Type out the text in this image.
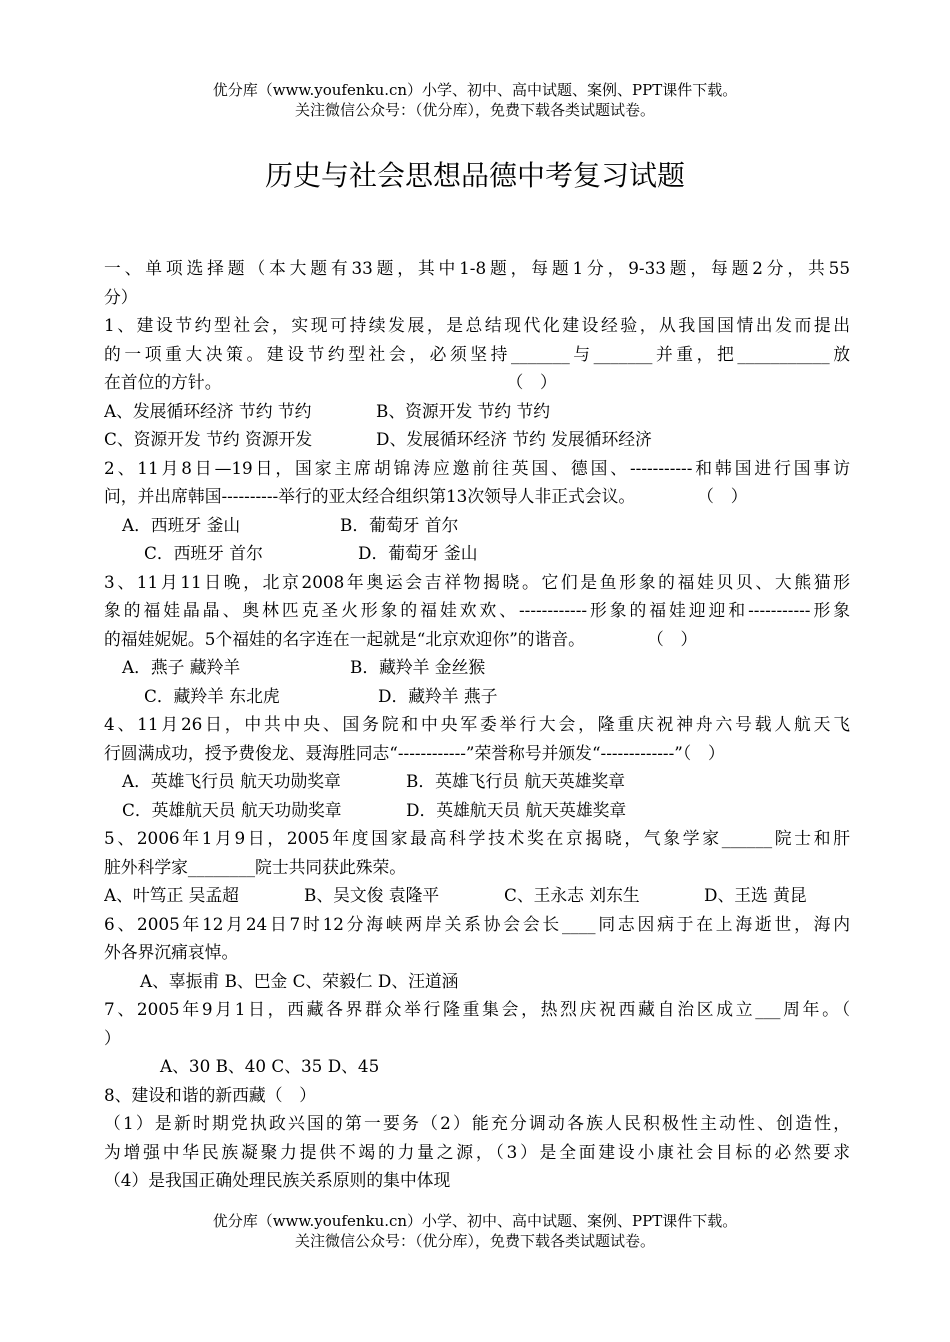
优分库（www.youfenku.cn）小学、初中、高中试题、案例、PPT课件下载。
关注微信公众号：（优分库），免费下载各类试题试卷。
历史与社会思想品德中考复习试题
一、单项选择题（本大题有33题，其中1-8题，每题1分，9-33题，每题2分，共55
分）
1、建设节约型社会，实现可持续发展，是总结现代化建设经验，从我国国情出发而提出
的一项重大决策。建设节约型社会，必须坚持_______与_______并重，把___________放
在首位的方针。	（　）
A、发展循环经济 节约 节约	B、资源开发 节约 节约
C、资源开发 节约 资源开发	D、发展循环经济 节约 发展循环经济
2、11月8日—19日，国家主席胡锦涛应邀前往英国、德国、-----------和韩国进行国事访
问，并出席韩国----------举行的亚太经合组织第13次领导人非正式会议。	（　）
A．西班牙 釜山	B．葡萄牙 首尔
C．西班牙 首尔	D．葡萄牙 釜山
3、11月11日晚，北京2008年奥运会吉祥物揭晓。它们是鱼形象的福娃贝贝、大熊猫形
象的福娃晶晶、奥林匹克圣火形象的福娃欢欢、------------形象的福娃迎迎和-----------形象
的福娃妮妮。5个福娃的名字连在一起就是“北京欢迎你”的谐音。	（　）
A．燕子 藏羚羊	B．藏羚羊 金丝猴
C．藏羚羊 东北虎	D．藏羚羊 燕子
4、11月26日，中共中央、国务院和中央军委举行大会，隆重庆祝神舟六号载人航天飞
行圆满成功，授予费俊龙、聂海胜同志“------------”荣誉称号并颁发“-------------”（　）
A．英雄飞行员 航天功勋奖章	B．英雄飞行员 航天英雄奖章
C．英雄航天员 航天功勋奖章	D．英雄航天员 航天英雄奖章
5、2006年1月9日，2005年度国家最高科学技术奖在京揭晓，气象学家______院士和肝
脏外科学家________院士共同获此殊荣。
A、叶笃正 吴孟超	B、吴文俊 袁隆平	C、王永志 刘东生	D、王选 黄昆
6、2005年12月24日7时12分海峡两岸关系协会会长____同志因病于在上海逝世，海内
外各界沉痛哀悼。
A、辜振甫 B、巴金 C、荣毅仁 D、汪道涵
7、2005年9月1日，西藏各界群众举行隆重集会，热烈庆祝西藏自治区成立___周年。（
）
A、30 B、40 C、35 D、45
8、建设和谐的新西藏（　）
（1）是新时期党执政兴国的第一要务（2）能充分调动各族人民积极性主动性、创造性，
为增强中华民族凝聚力提供不竭的力量之源，（3）是全面建设小康社会目标的必然要求
（4）是我国正确处理民族关系原则的集中体现
优分库（www.youfenku.cn）小学、初中、高中试题、案例、PPT课件下载。
关注微信公众号：（优分库），免费下载各类试题试卷。
